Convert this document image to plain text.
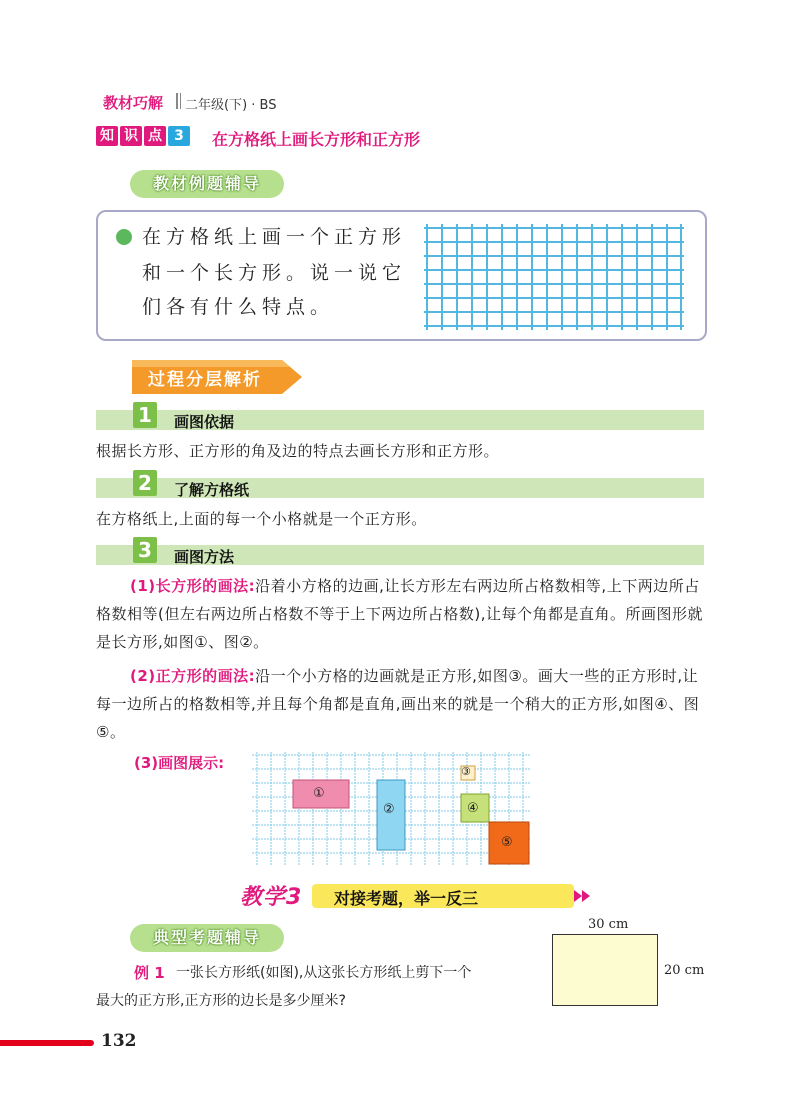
教材巧解 二年级(下) · BS
知 识 点 3	在方格纸上画长方形和正方形
教材例题辅导
在方格纸上画一个正方形
和一个长方形。说一说它
们各有什么特点。
过程分层解析
1	画图依据
根据长方形、正方形的角及边的特点去画长方形和正方形。
2	了解方格纸
在方格纸上,上面的每一个小格就是一个正方形。
3	画图方法
(1)长方形的画法:沿着小方格的边画,让长方形左右两边所占格数相等,上下两边所占格数相等(但左右两边所占格数不等于上下两边所占格数),让每个角都是直角。所画图形就是长方形,如图①、图②。
(2)正方形的画法:沿一个小方格的边画就是正方形,如图③。画大一些的正方形时,让每一边所占的格数相等,并且每个角都是直角,画出来的就是一个稍大的正方形,如图④、图⑤。
(3)画图展示:
①
②
③
④
⑤
教学3 对接考题，举一反三
典型考题辅导
例 1 一张长方形纸(如图),从这张长方形纸上剪下一个
最大的正方形,正方形的边长是多少厘米?
30 cm
20 cm
132
